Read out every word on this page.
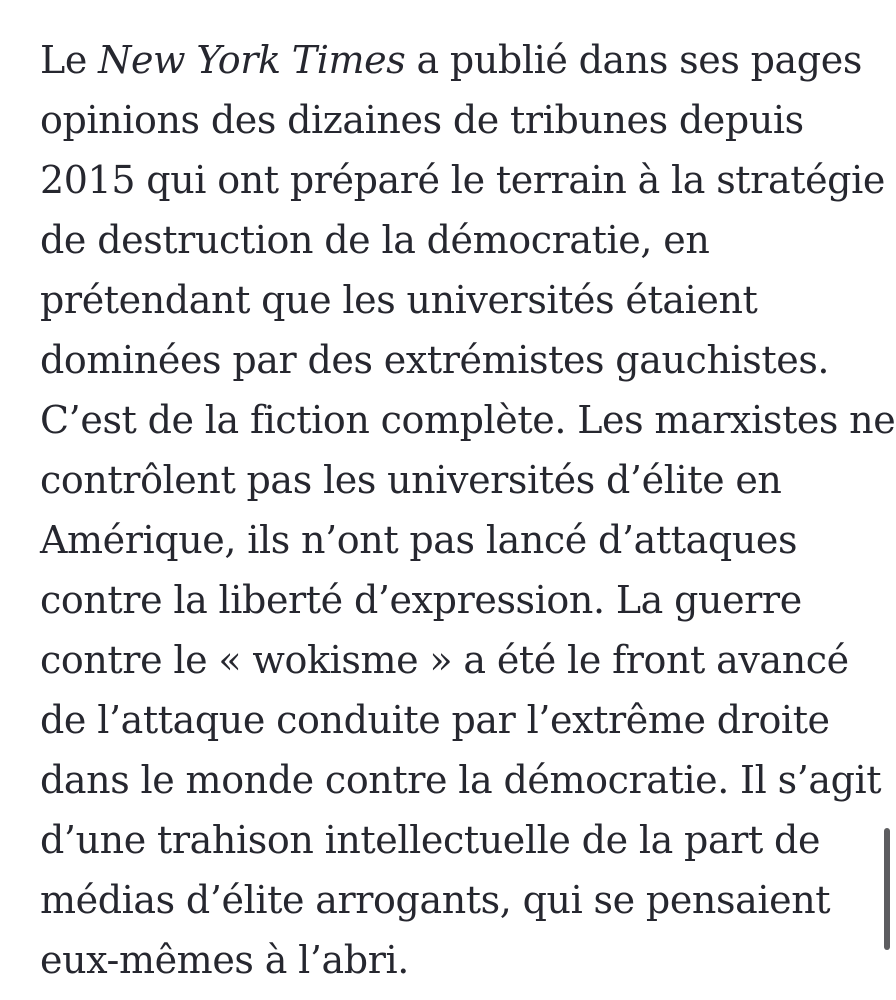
Le New York Times a publié dans ses pages
opinions des dizaines de tribunes depuis
2015 qui ont préparé le terrain à la stratégie
de destruction de la démocratie, en
prétendant que les universités étaient
dominées par des extrémistes gauchistes.
C’est de la fiction complète. Les marxistes ne
contrôlent pas les universités d’élite en
Amérique, ils n’ont pas lancé d’attaques
contre la liberté d’expression. La guerre
contre le « wokisme » a été le front avancé
de l’attaque conduite par l’extrême droite
dans le monde contre la démocratie. Il s’agit
d’une trahison intellectuelle de la part de
médias d’élite arrogants, qui se pensaient
eux-mêmes à l’abri.
